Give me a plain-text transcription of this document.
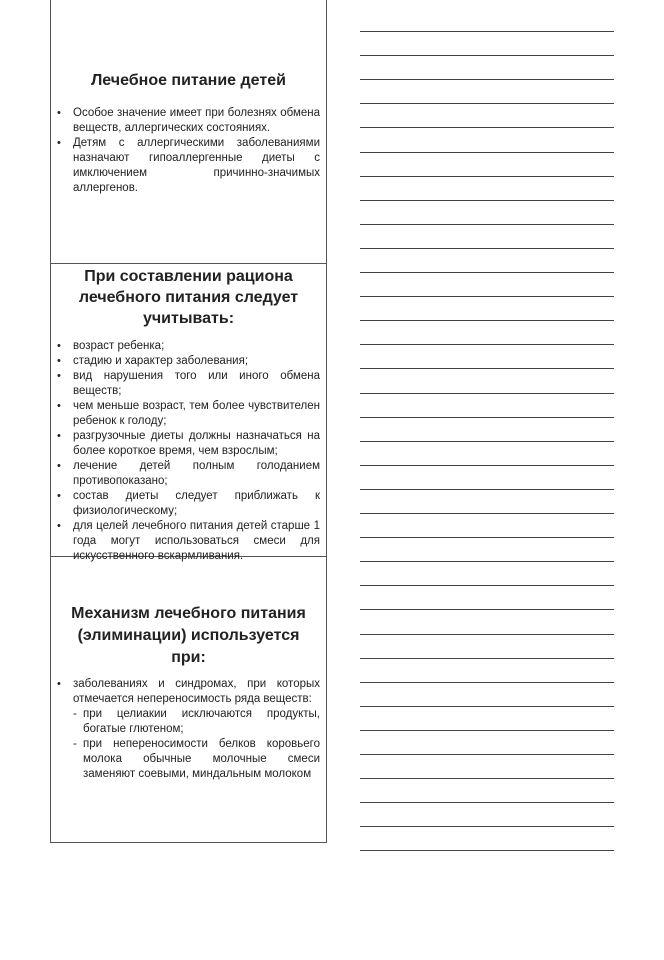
Лечебное питание детей
•	Особое значение имеет при болезнях обмена веществ, аллергических состояниях.
•	Детям с аллергическими заболеваниями назначают гипоаллергенные диеты с имключением причинно-значимых аллергенов.
При составлении рациона лечебного питания следует учитывать:
•	возраст ребенка;
•	стадию и характер заболевания;
•	вид нарушения того или иного обмена веществ;
•	чем меньше возраст, тем более чувствителен ребенок к голоду;
•	разгрузочные диеты должны назначаться на более короткое время, чем взрослым;
•	лечение детей полным голоданием противопоказано;
•	состав диеты следует приближать к физиологическому;
•	для целей лечебного питания детей старше 1 года могут использоваться смеси для искусственного вскармливания.
Механизм лечебного питания (элиминации) используется при:
•	заболеваниях и синдромах, при которых отмечается непереносимость ряда веществ:
- при целиакии исключаются продукты, богатые глютеном;
- при непереносимости белков коровьего молока обычные молочные смеси заменяют соевыми, миндальным молоком
